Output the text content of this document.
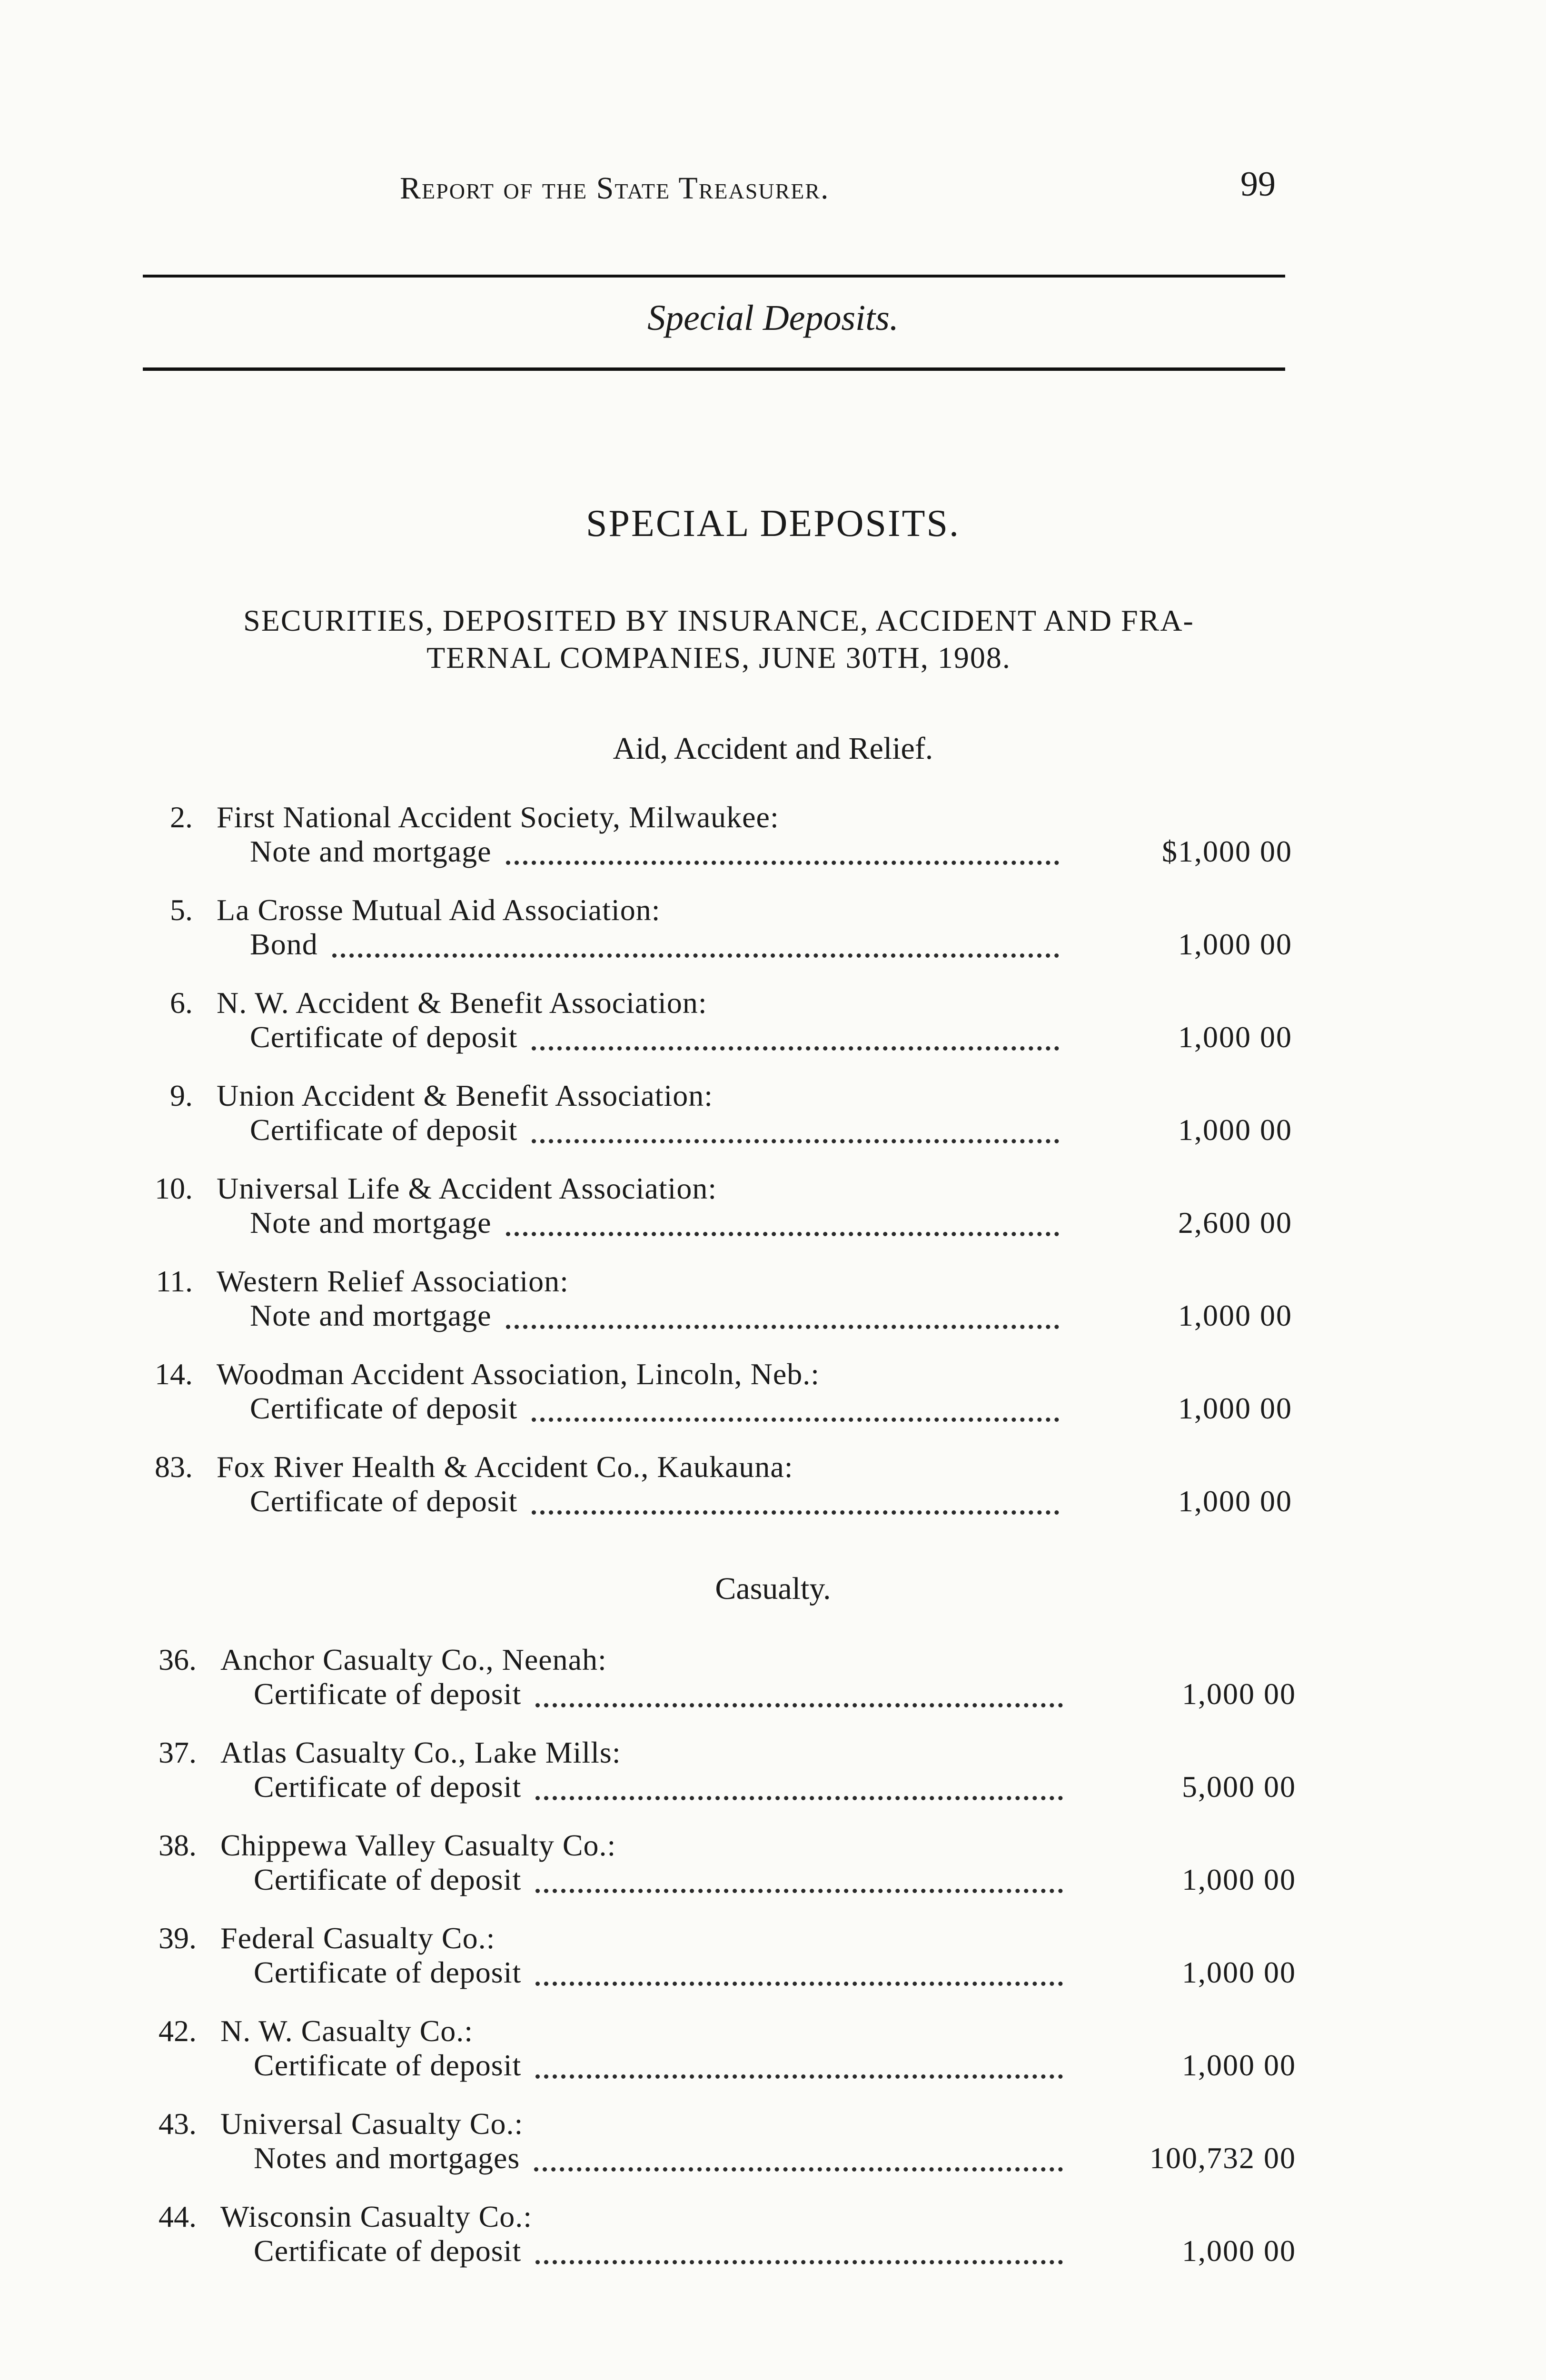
Report of the State Treasurer.	99
Special Deposits.
SPECIAL DEPOSITS.
SECURITIES, DEPOSITED BY INSURANCE, ACCIDENT AND FRA-
TERNAL COMPANIES, JUNE 30TH, 1908.
Aid, Accident and Relief.
Casualty.
2. First National Accident Society, Milwaukee:
Note and mortgage	$1,000 00
5. La Crosse Mutual Aid Association:
Bond	1,000 00
6. N. W. Accident & Benefit Association:
Certificate of deposit	1,000 00
9. Union Accident & Benefit Association:
Certificate of deposit	1,000 00
10. Universal Life & Accident Association:
Note and mortgage	2,600 00
11. Western Relief Association:
Note and mortgage	1,000 00
14. Woodman Accident Association, Lincoln, Neb.:
Certificate of deposit	1,000 00
83. Fox River Health & Accident Co., Kaukauna:
Certificate of deposit	1,000 00
36. Anchor Casualty Co., Neenah:
Certificate of deposit	1,000 00
37. Atlas Casualty Co., Lake Mills:
Certificate of deposit	5,000 00
38. Chippewa Valley Casualty Co.:
Certificate of deposit	1,000 00
39. Federal Casualty Co.:
Certificate of deposit	1,000 00
42. N. W. Casualty Co.:
Certificate of deposit	1,000 00
43. Universal Casualty Co.:
Notes and mortgages	100,732 00
44. Wisconsin Casualty Co.:
Certificate of deposit	1,000 00
